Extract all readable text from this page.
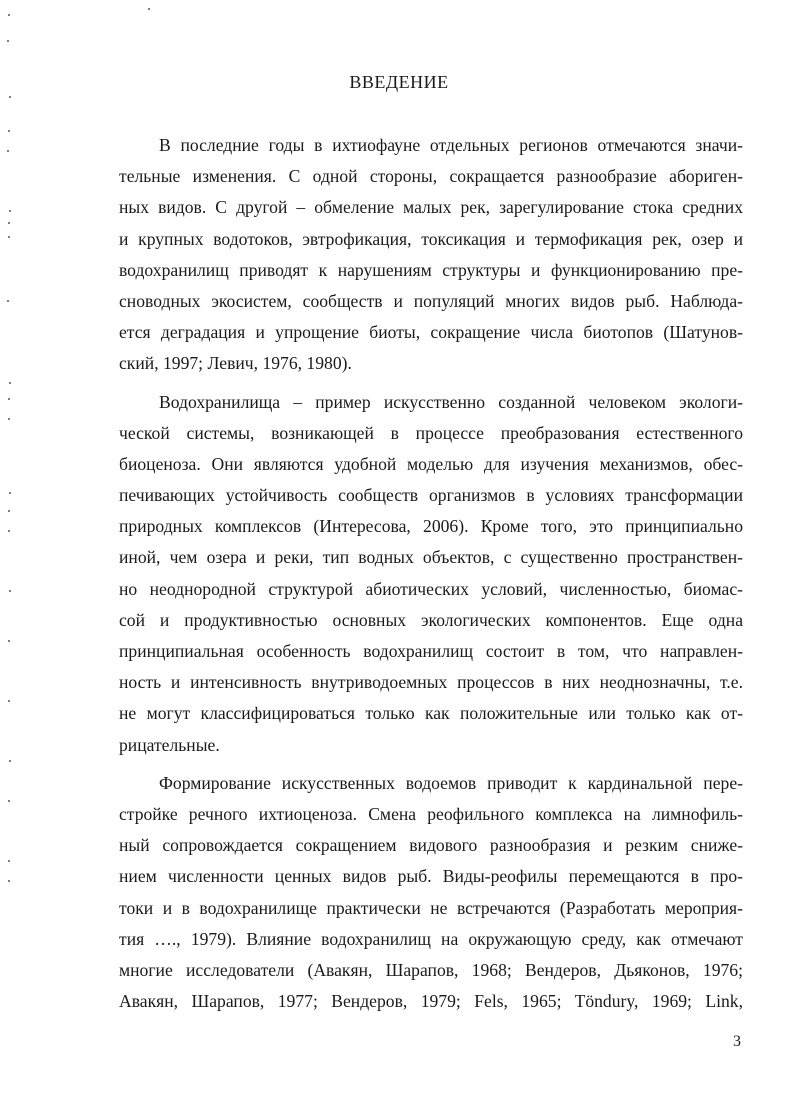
ВВЕДЕНИЕ
В последние годы в ихтиофауне отдельных регионов отмечаются значи-
тельные изменения. С одной стороны, сокращается разнообразие абориген-
ных видов. С другой – обмеление малых рек, зарегулирование стока средних
и крупных водотоков, эвтрофикация, токсикация и термофикация рек, озер и
водохранилищ приводят к нарушениям структуры и функционированию пре-
сноводных экосистем, сообществ и популяций многих видов рыб. Наблюда-
ется деградация и упрощение биоты, сокращение числа биотопов (Шатунов-
ский, 1997; Левич, 1976, 1980).
Водохранилища – пример искусственно созданной человеком экологи-
ческой системы, возникающей в процессе преобразования естественного
биоценоза. Они являются удобной моделью для изучения механизмов, обес-
печивающих устойчивость сообществ организмов в условиях трансформации
природных комплексов (Интересова, 2006). Кроме того, это принципиально
иной, чем озера и реки, тип водных объектов, с существенно пространствен-
но неоднородной структурой абиотических условий, численностью, биомас-
сой и продуктивностью основных экологических компонентов. Еще одна
принципиальная особенность водохранилищ состоит в том, что направлен-
ность и интенсивность внутриводоемных процессов в них неоднозначны, т.е.
не могут классифицироваться только как положительные или только как от-
рицательные.
Формирование искусственных водоемов приводит к кардинальной пере-
стройке речного ихтиоценоза. Смена реофильного комплекса на лимнофиль-
ный сопровождается сокращением видового разнообразия и резким сниже-
нием численности ценных видов рыб. Виды-реофилы перемещаются в про-
токи и в водохранилище практически не встречаются (Разработать мероприя-
тия …., 1979). Влияние водохранилищ на окружающую среду, как отмечают
многие исследователи (Авакян, Шарапов, 1968; Вендеров, Дьяконов, 1976;
Авакян, Шарапов, 1977; Вендеров, 1979; Fels, 1965; Töndury, 1969; Link,
3
